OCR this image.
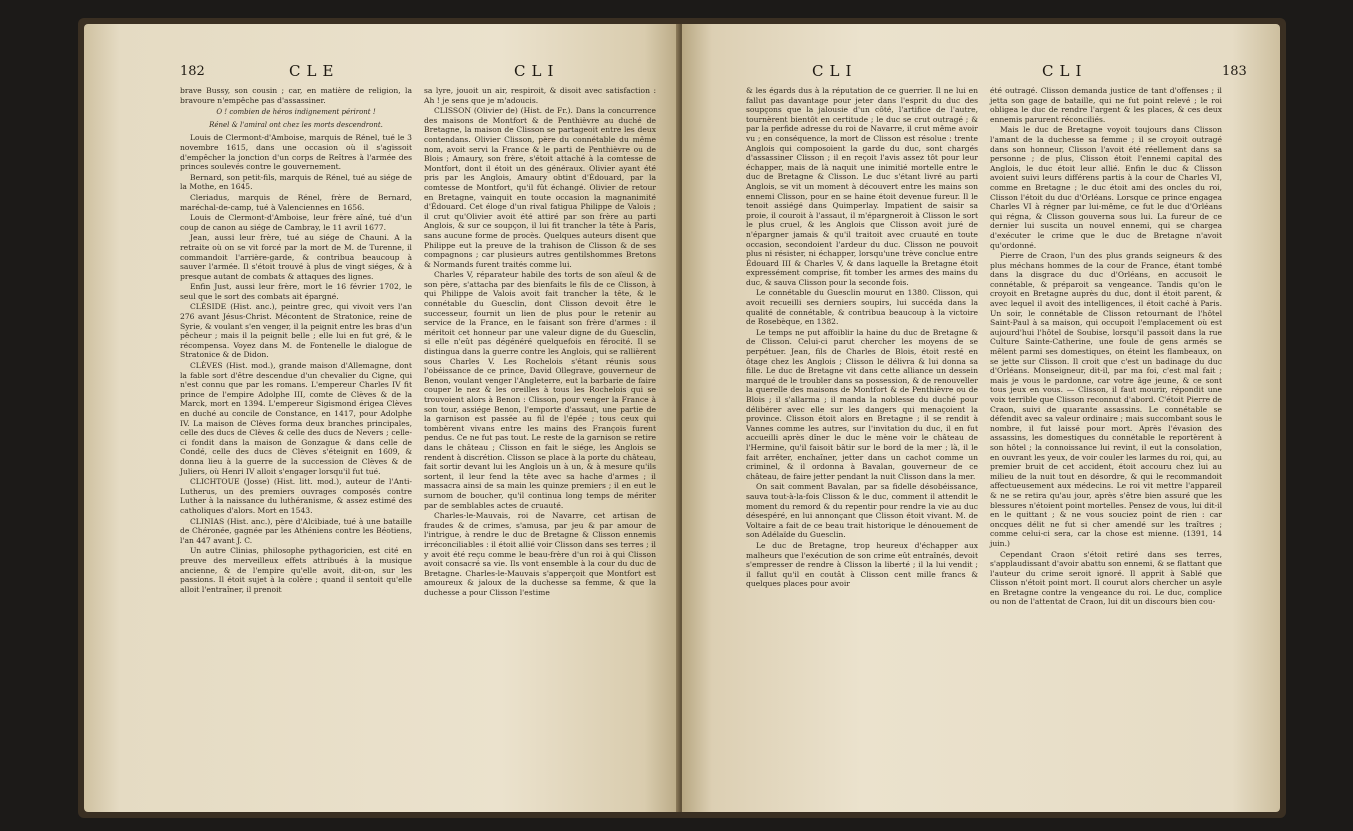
182	CLE	CLI

brave Bussy, son cousin ; car, en matière de religion, la bravoure n'empêche pas d'assassiner.

O ! combien de héros indignement périront !

Rénel & l'amiral ont chez les morts descendront.

Louis de Clermont-d'Amboise, marquis de Rénel, tué le 3 novembre 1615, dans une occasion où il s'agissoit d'empêcher la jonction d'un corps de Reîtres à l'armée des princes soulevés contre le gouvernement.

Bernard, son petit-fils, marquis de Rénel, tué au siége de la Mothe, en 1645.

Cleriadus, marquis de Rénel, frère de Bernard, maréchal-de-camp, tué à Valenciennes en 1656.

Louis de Clermont-d'Amboise, leur frère aîné, tué d'un coup de canon au siége de Cambray, le 11 avril 1677.

Jean, aussi leur frère, tué au siége de Chauni. A la retraite où on se vit forcé par la mort de M. de Turenne, il commandoit l'arrière-garde, & contribua beaucoup à sauver l'armée. Il s'étoit trouvé à plus de vingt siéges, & à presque autant de combats & attaques des lignes.

Enfin Just, aussi leur frère, mort le 16 février 1702, le seul que le sort des combats ait épargné.

CLÉSIDE (Hist. anc.), peintre grec, qui vivoit vers l'an 276 avant Jésus-Christ. Mécontent de Stratonice, reine de Syrie, & voulant s'en venger, il la peignit entre les bras d'un pêcheur ; mais il la peignit belle ; elle lui en fut gré, & le récompensa. Voyez dans M. de Fontenelle le dialogue de Stratonice & de Didon.

CLÈVES (Hist. mod.), grande maison d'Allemagne, dont la fable sort d'être descendue d'un chevalier du Cigne, qui n'est connu que par les romans. L'empereur Charles IV fit prince de l'empire Adolphe III, comte de Clèves & de la Marck, mort en 1394. L'empereur Sigismond érigea Clèves en duché au concile de Constance, en 1417, pour Adolphe IV. La maison de Clèves forma deux branches principales, celle des ducs de Clèves & celle des ducs de Nevers ; celle-ci fondit dans la maison de Gonzague & dans celle de Condé, celle des ducs de Clèves s'éteignit en 1609, & donna lieu à la guerre de la succession de Clèves & de Juliers, où Henri IV alloit s'engager lorsqu'il fut tué.

CLICHTOUE (Josse) (Hist. litt. mod.), auteur de l'Anti-Lutherus, un des premiers ouvrages composés contre Luther à la naissance du luthéranisme, & assez estimé des catholiques d'alors. Mort en 1543.

CLINIAS (Hist. anc.), père d'Alcibiade, tué à une bataille de Chéronée, gagnée par les Athéniens contre les Béotiens, l'an 447 avant J. C.

Un autre Clinias, philosophe pythagoricien, est cité en preuve des merveilleux effets attribués à la musique ancienne, & de l'empire qu'elle avoit, dit-on, sur les passions. Il étoit sujet à la colère ; quand il sentoit qu'elle alloit l'entraîner, il prenoit

sa lyre, jouoit un air, respiroit, & disoit avec satisfaction : Ah ! je sens que je m'adoucis.

CLISSON (Olivier de) (Hist. de Fr.). Dans la concurrence des maisons de Montfort & de Penthièvre au duché de Bretagne, la maison de Clisson se partageoit entre les deux contendans. Olivier Clisson, père du connétable du même nom, avoit servi la France & le parti de Penthièvre ou de Blois ; Amaury, son frère, s'étoit attaché à la comtesse de Montfort, dont il étoit un des généraux. Olivier ayant été pris par les Anglois, Amaury obtint d'Édouard, par la comtesse de Montfort, qu'il fût échangé. Olivier de retour en Bretagne, vainquit en toute occasion la magnanimité d'Édouard. Cet éloge d'un rival fatigua Philippe de Valois ; il crut qu'Olivier avoit été attiré par son frère au parti Anglois, & sur ce soupçon, il lui fit trancher la tête à Paris, sans aucune forme de procès. Quelques auteurs disent que Philippe eut la preuve de la trahison de Clisson & de ses compagnons ; car plusieurs autres gentilshommes Bretons & Normands furent traités comme lui.

Charles V, réparateur habile des torts de son aïeul & de son père, s'attacha par des bienfaits le fils de ce Clisson, à qui Philippe de Valois avoit fait trancher la tête, & le connétable du Guesclin, dont Clisson devoit être le successeur, fournit un lien de plus pour le retenir au service de la France, en le faisant son frère d'armes : il méritoit cet honneur par une valeur digne de du Guesclin, si elle n'eût pas dégénéré quelquefois en férocité. Il se distingua dans la guerre contre les Anglois, qui se rallièrent sous Charles V. Les Rochelois s'étant réunis sous l'obéissance de ce prince, David Ollegrave, gouverneur de Benon, voulant venger l'Angleterre, eut la barbarie de faire couper le nez & les oreilles à tous les Rochelois qui se trouvoient alors à Benon : Clisson, pour venger la France à son tour, assiége Benon, l'emporte d'assaut, une partie de la garnison est passée au fil de l'épée ; tous ceux qui tombèrent vivans entre les mains des François furent pendus. Ce ne fut pas tout. Le reste de la garnison se retire dans le château ; Clisson en fait le siége, les Anglois se rendent à discrétion. Clisson se place à la porte du château, fait sortir devant lui les Anglois un à un, & à mesure qu'ils sortent, il leur fend la tête avec sa hache d'armes ; il massacra ainsi de sa main les quinze premiers ; il en eut le surnom de boucher, qu'il continua long temps de mériter par de semblables actes de cruauté.

Charles-le-Mauvais, roi de Navarre, cet artisan de fraudes & de crimes, s'amusa, par jeu & par amour de l'intrigue, à rendre le duc de Bretagne & Clisson ennemis irréconciliables : il étoit allié voir Clisson dans ses terres ; il y avoit été reçu comme le beau-frère d'un roi à qui Clisson avoit consacré sa vie. Ils vont ensemble à la cour du duc de Bretagne. Charles-le-Mauvais s'apperçoit que Montfort est amoureux & jaloux de la duchesse sa femme, & que la duchesse a pour Clisson l'estime

CLI	CLI	183

& les égards dus à la réputation de ce guerrier. Il ne lui en fallut pas davantage pour jeter dans l'esprit du duc des soupçons que la jalousie d'un côté, l'artifice de l'autre, tournèrent bientôt en certitude ; le duc se crut outragé ; & par la perfide adresse du roi de Navarre, il crut même avoir vu ; en conséquence, la mort de Clisson est résolue : trente Anglois qui composoient la garde du duc, sont chargés d'assassiner Clisson ; il en reçoit l'avis assez tôt pour leur échapper, mais de là naquit une inimitié mortelle entre le duc de Bretagne & Clisson. Le duc s'étant livré au parti Anglois, se vit un moment à découvert entre les mains son ennemi Clisson, pour en se haine étoit devenue fureur. Il le tenoit assiégé dans Quimperlay. Impatient de saisir sa proie, il couroit à l'assaut, il m'épargneroit à Clisson le sort le plus cruel, & les Anglois que Clisson avoit juré de n'épargner jamais & qu'il traitoit avec cruauté en toute occasion, secondoient l'ardeur du duc. Clisson ne pouvoit plus ni résister, ni échapper, lorsqu'une trève conclue entre Édouard III & Charles V, & dans laquelle la Bretagne étoit expressément comprise, fit tomber les armes des mains du duc, & sauva Clisson pour la seconde fois.

Le connétable du Guesclin mourut en 1380. Clisson, qui avoit recueilli ses derniers soupirs, lui succéda dans la qualité de connétable, & contribua beaucoup à la victoire de Rosebèque, en 1382.

Le temps ne put affoiblir la haine du duc de Bretagne & de Clisson. Celui-ci parut chercher les moyens de se perpétuer. Jean, fils de Charles de Blois, étoit resté en ôtage chez les Anglois ; Clisson le délivra & lui donna sa fille. Le duc de Bretagne vit dans cette alliance un dessein marqué de le troubler dans sa possession, & de renouveller la querelle des maisons de Montfort & de Penthièvre ou de Blois ; il s'allarma ; il manda la noblesse du duché pour délibérer avec elle sur les dangers qui menaçoient la province. Clisson étoit alors en Bretagne ; il se rendit à Vannes comme les autres, sur l'invitation du duc, il en fut accueilli après dîner le duc le mène voir le château de l'Hermine, qu'il faisoit bâtir sur le bord de la mer ; là, il le fait arrêter, enchaîner, jetter dans un cachot comme un criminel, & il ordonna à Bavalan, gouverneur de ce château, de faire jetter pendant la nuit Clisson dans la mer.

On sait comment Bavalan, par sa fidelle désobéissance, sauva tout-à-la-fois Clisson & le duc, comment il attendit le moment du remord & du repentir pour rendre la vie au duc désespéré, en lui annonçant que Clisson étoit vivant. M. de Voltaire a fait de ce beau trait historique le dénouement de son Adélaïde du Guesclin.

Le duc de Bretagne, trop heureux d'échapper aux malheurs que l'exécution de son crime eût entraînés, devoit s'empresser de rendre à Clisson la liberté ; il la lui vendit ; il fallut qu'il en coutât à Clisson cent mille francs & quelques places pour avoir

été outragé. Clisson demanda justice de tant d'offenses ; il jetta son gage de bataille, qui ne fut point relevé ; le roi obligea le duc de rendre l'argent & les places, & ces deux ennemis parurent réconciliés.

Mais le duc de Bretagne voyoit toujours dans Clisson l'amant de la duchesse sa femme ; il se croyoit outragé dans son honneur, Clisson l'avoit été réellement dans sa personne ; de plus, Clisson étoit l'ennemi capital des Anglois, le duc étoit leur allié. Enfin le duc & Clisson avoient suivi leurs différens partis à la cour de Charles VI, comme en Bretagne ; le duc étoit ami des oncles du roi, Clisson l'étoit du duc d'Orléans. Lorsque ce prince engagea Charles VI à régner par lui-même, ce fut le duc d'Orléans qui régna, & Clisson gouverna sous lui. La fureur de ce dernier lui suscita un nouvel ennemi, qui se chargea d'exécuter le crime que le duc de Bretagne n'avoit qu'ordonné.

Pierre de Craon, l'un des plus grands seigneurs & des plus méchans hommes de la cour de France, étant tombé dans la disgrace du duc d'Orléans, en accusoit le connétable, & préparoit sa vengeance. Tandis qu'on le croyoit en Bretagne auprès du duc, dont il étoit parent, & avec lequel il avoit des intelligences, il étoit caché à Paris. Un soir, le connétable de Clisson retournant de l'hôtel Saint-Paul à sa maison, qui occupoit l'emplacement où est aujourd'hui l'hôtel de Soubise, lorsqu'il passoit dans la rue Culture Sainte-Catherine, une foule de gens armés se mêlent parmi ses domestiques, on éteint les flambeaux, on se jette sur Clisson. Il croit que c'est un badinage du duc d'Orléans. Monseigneur, dit-il, par ma foi, c'est mal fait ; mais je vous le pardonne, car votre âge jeune, & ce sont tous jeux en vous. — Clisson, il faut mourir, répondit une voix terrible que Clisson reconnut d'abord. C'étoit Pierre de Craon, suivi de quarante assassins. Le connétable se défendit avec sa valeur ordinaire ; mais succombant sous le nombre, il fut laissé pour mort. Après l'évasion des assassins, les domestiques du connétable le reportèrent à son hôtel ; la connoissance lui revint, il eut la consolation, en ouvrant les yeux, de voir couler les larmes du roi, qui, au premier bruit de cet accident, étoit accouru chez lui au milieu de la nuit tout en désordre, & qui le recommandoit affectueusement aux médecins. Le roi vit mettre l'appareil & ne se retira qu'au jour, après s'être bien assuré que les blessures n'étoient point mortelles. Pensez de vous, lui dit-il en le quittant ; & ne vous souciez point de rien : car oncques délit ne fut si cher amendé sur les traîtres ; comme celui-ci sera, car la chose est mienne. (1391, 14 juin.)

Cependant Craon s'étoit retiré dans ses terres, s'applaudissant d'avoir abattu son ennemi, & se flattant que l'auteur du crime seroit ignoré. Il apprit à Sablé que Clisson n'étoit point mort. Il courut alors chercher un asyle en Bretagne contre la vengeance du roi. Le duc, complice ou non de l'attentat de Craon, lui dit un discours bien cou-
